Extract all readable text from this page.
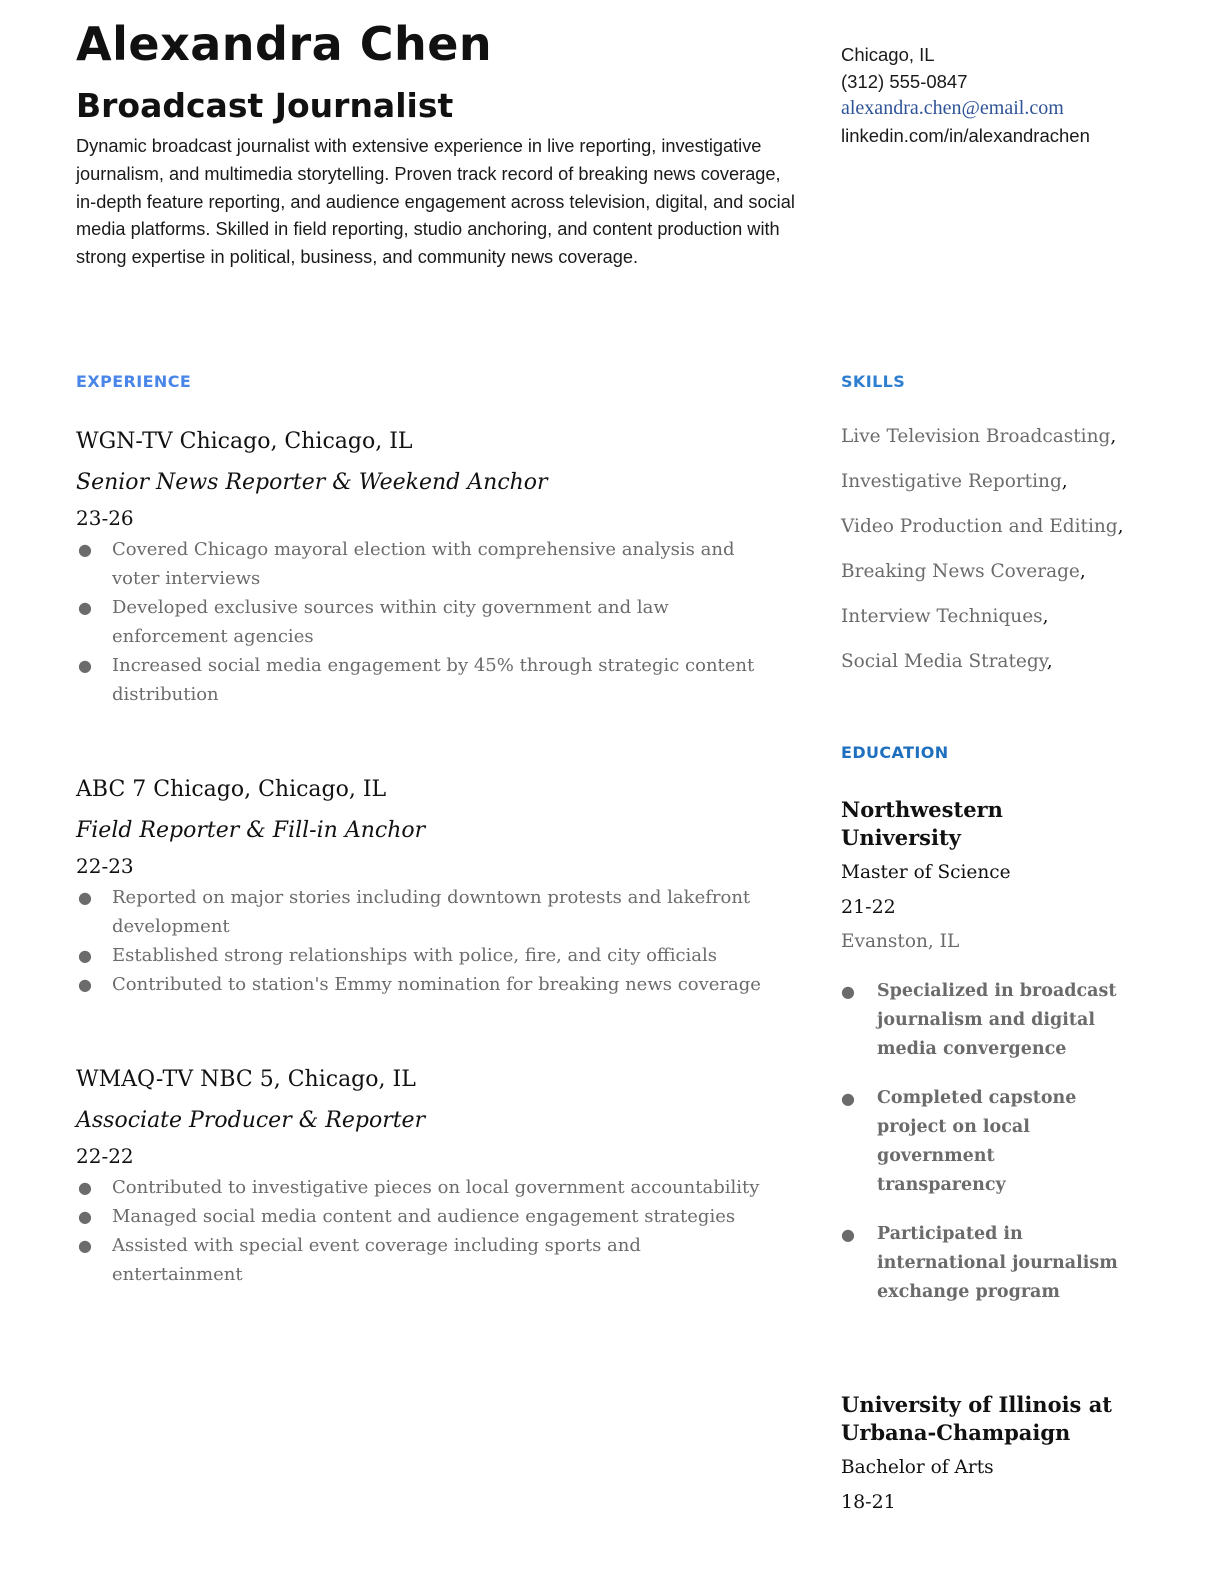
Alexandra Chen
Broadcast Journalist

Dynamic broadcast journalist with extensive experience in live reporting, investigative journalism, and multimedia storytelling. Proven track record of breaking news coverage, in-depth feature reporting, and audience engagement across television, digital, and social media platforms. Skilled in field reporting, studio anchoring, and content production with strong expertise in political, business, and community news coverage.

Chicago, IL
(312) 555-0847
alexandra.chen@email.com
linkedin.com/in/alexandrachen
EXPERIENCE	SKILLS
EDUCATION

WGN-TV Chicago, Chicago, IL

Senior News Reporter & Weekend Anchor

23-26

● Covered Chicago mayoral election with comprehensive analysis and voter interviews
● Developed exclusive sources within city government and law enforcement agencies
● Increased social media engagement by 45% through strategic content distribution

ABC 7 Chicago, Chicago, IL

Field Reporter & Fill-in Anchor

22-23

● Reported on major stories including downtown protests and lakefront development
● Established strong relationships with police, fire, and city officials
● Contributed to station's Emmy nomination for breaking news coverage

WMAQ-TV NBC 5, Chicago, IL

Associate Producer & Reporter

22-22

● Contributed to investigative pieces on local government accountability
● Managed social media content and audience engagement strategies
● Assisted with special event coverage including sports and entertainment
Live Television Broadcasting,
Investigative Reporting,
Video Production and Editing,
Breaking News Coverage,
Interview Techniques,
Social Media Strategy,

Northwestern University

Master of Science

21-22

Evanston, IL

● Specialized in broadcast journalism and digital media convergence
● Completed capstone project on local government transparency
● Participated in international journalism exchange program

University of Illinois at Urbana-Champaign

Bachelor of Arts

18-21
